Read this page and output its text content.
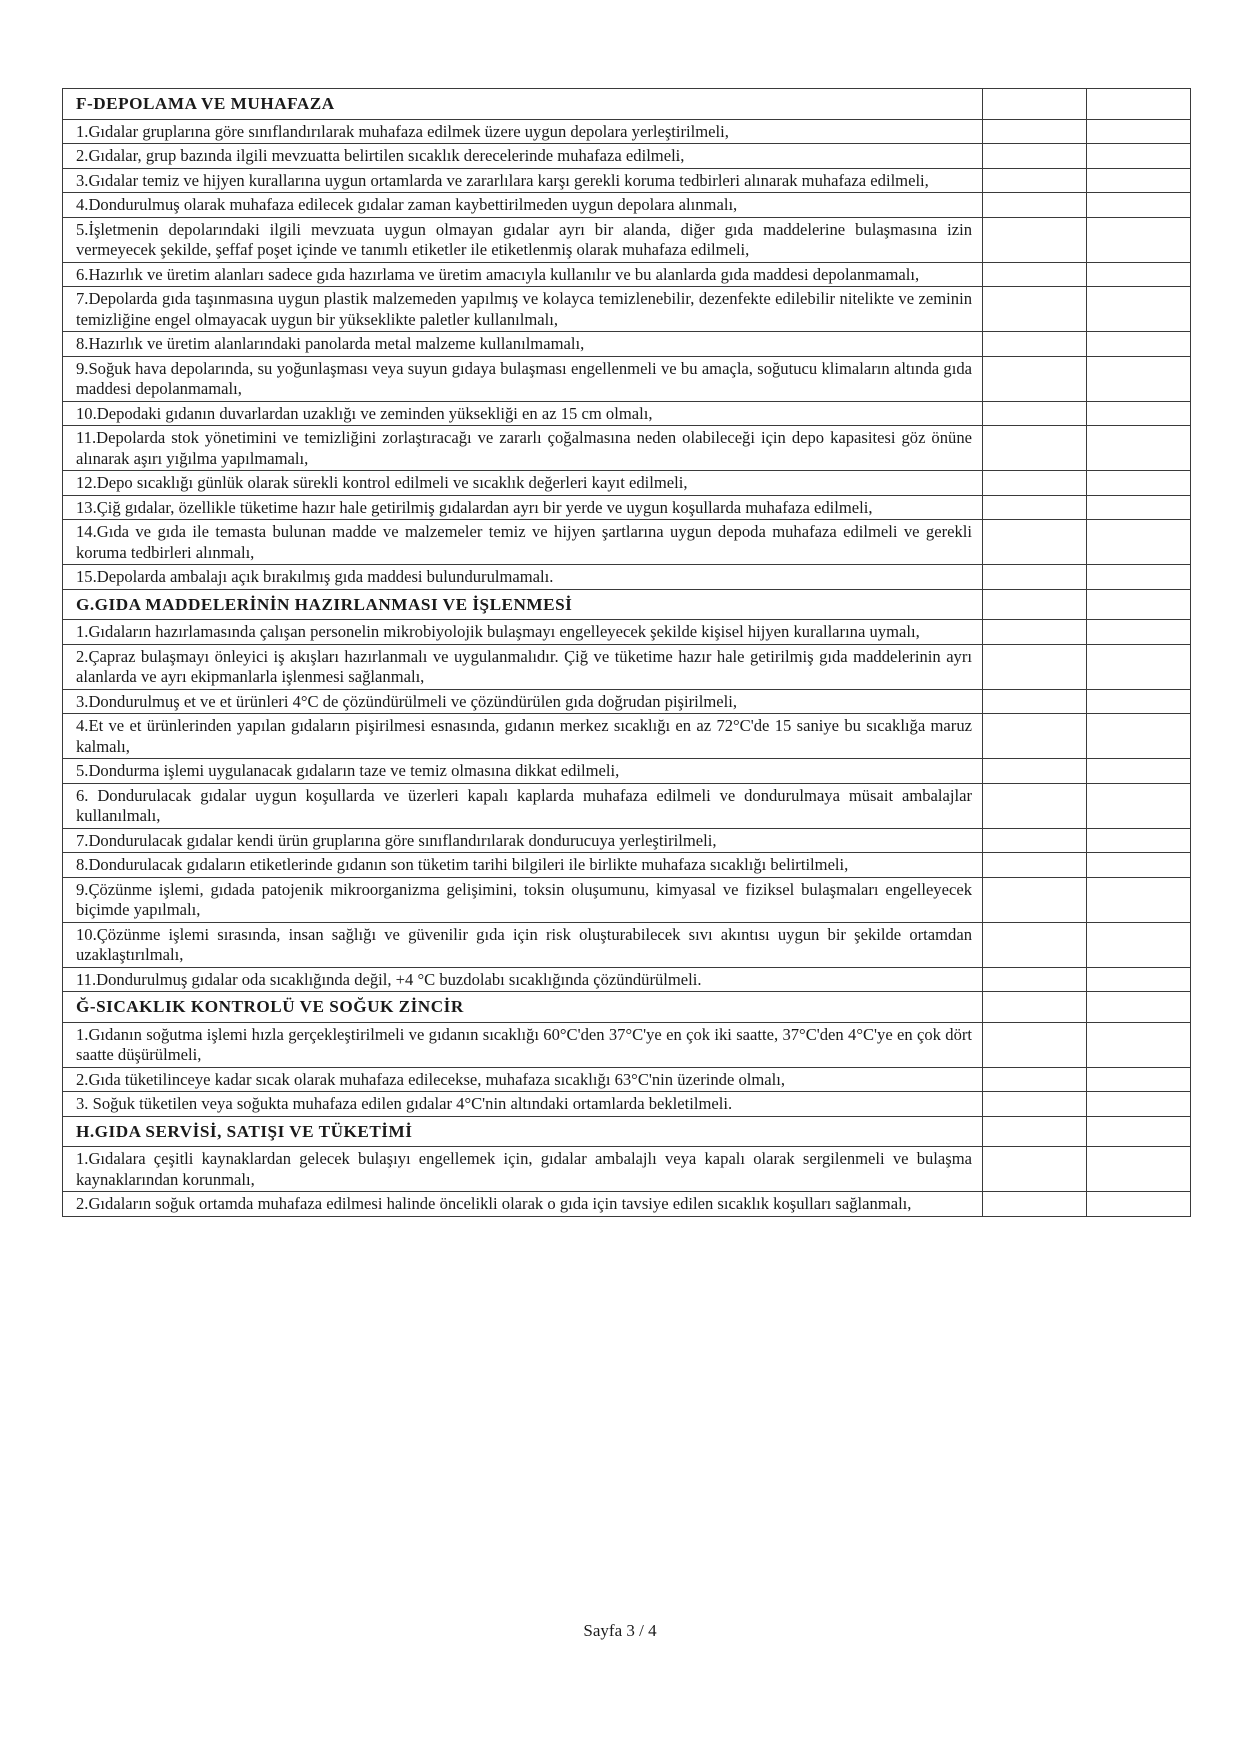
F-DEPOLAMA VE MUHAFAZA		
1.Gıdalar gruplarına göre sınıflandırılarak muhafaza edilmek üzere uygun depolara yerleştirilmeli,		
2.Gıdalar, grup bazında ilgili mevzuatta belirtilen sıcaklık derecelerinde muhafaza edilmeli,		
3.Gıdalar temiz ve hijyen kurallarına uygun ortamlarda ve zararlılara karşı gerekli koruma tedbirleri alınarak muhafaza edilmeli,		
4.Dondurulmuş olarak muhafaza edilecek gıdalar zaman kaybettirilmeden uygun depolara alınmalı,		
5.İşletmenin depolarındaki ilgili mevzuata uygun olmayan gıdalar ayrı bir alanda, diğer gıda maddelerine bulaşmasına izin vermeyecek şekilde, şeffaf poşet içinde ve tanımlı etiketler ile etiketlenmiş olarak muhafaza edilmeli,		
6.Hazırlık ve üretim alanları sadece gıda hazırlama ve üretim amacıyla kullanılır ve bu alanlarda gıda maddesi depolanmamalı,		
7.Depolarda gıda taşınmasına uygun plastik malzemeden yapılmış ve kolayca temizlenebilir, dezenfekte edilebilir nitelikte ve zeminin temizliğine engel olmayacak uygun bir yükseklikte paletler kullanılmalı,		
8.Hazırlık ve üretim alanlarındaki panolarda metal malzeme kullanılmamalı,		
9.Soğuk hava depolarında, su yoğunlaşması veya suyun gıdaya bulaşması engellenmeli ve bu amaçla, soğutucu klimaların altında gıda maddesi depolanmamalı,		
10.Depodaki gıdanın duvarlardan uzaklığı ve zeminden yüksekliği en az 15 cm olmalı,		
11.Depolarda stok yönetimini ve temizliğini zorlaştıracağı ve zararlı çoğalmasına neden olabileceği için depo kapasitesi göz önüne alınarak aşırı yığılma yapılmamalı,		
12.Depo sıcaklığı günlük olarak sürekli kontrol edilmeli ve sıcaklık değerleri kayıt edilmeli,		
13.Çiğ gıdalar, özellikle tüketime hazır hale getirilmiş gıdalardan ayrı bir yerde ve uygun koşullarda muhafaza edilmeli,		
14.Gıda ve gıda ile temasta bulunan madde ve malzemeler temiz ve hijyen şartlarına uygun depoda muhafaza edilmeli ve gerekli koruma tedbirleri alınmalı,		
15.Depolarda ambalajı açık bırakılmış gıda maddesi bulundurulmamalı.		
G.GIDA MADDELERİNİN HAZIRLANMASI VE İŞLENMESİ		
1.Gıdaların hazırlamasında çalışan personelin mikrobiyolojik bulaşmayı engelleyecek şekilde kişisel hijyen kurallarına uymalı,		
2.Çapraz bulaşmayı önleyici iş akışları hazırlanmalı ve uygulanmalıdır. Çiğ ve tüketime hazır hale getirilmiş gıda maddelerinin ayrı alanlarda ve ayrı ekipmanlarla işlenmesi sağlanmalı,		
3.Dondurulmuş et ve et ürünleri 4°C de çözündürülmeli ve çözündürülen gıda doğrudan pişirilmeli,		
4.Et ve et ürünlerinden yapılan gıdaların pişirilmesi esnasında, gıdanın merkez sıcaklığı en az 72°C'de 15 saniye bu sıcaklığa maruz kalmalı,		
5.Dondurma işlemi uygulanacak gıdaların taze ve temiz olmasına dikkat edilmeli,		
6. Dondurulacak gıdalar uygun koşullarda ve üzerleri kapalı kaplarda muhafaza edilmeli ve dondurulmaya müsait ambalajlar kullanılmalı,		
7.Dondurulacak gıdalar kendi ürün gruplarına göre sınıflandırılarak dondurucuya yerleştirilmeli,		
8.Dondurulacak gıdaların etiketlerinde gıdanın son tüketim tarihi bilgileri ile birlikte muhafaza sıcaklığı belirtilmeli,		
9.Çözünme işlemi, gıdada patojenik mikroorganizma gelişimini, toksin oluşumunu, kimyasal ve fiziksel bulaşmaları engelleyecek biçimde yapılmalı,		
10.Çözünme işlemi sırasında, insan sağlığı ve güvenilir gıda için risk oluşturabilecek sıvı akıntısı uygun bir şekilde ortamdan uzaklaştırılmalı,		
11.Dondurulmuş gıdalar oda sıcaklığında değil, +4 °C buzdolabı sıcaklığında çözündürülmeli.		
Ğ-SICAKLIK KONTROLÜ VE SOĞUK ZİNCİR		
1.Gıdanın soğutma işlemi hızla gerçekleştirilmeli ve gıdanın sıcaklığı 60°C'den 37°C'ye en çok iki saatte, 37°C'den 4°C'ye en çok dört saatte düşürülmeli,		
2.Gıda tüketilinceye kadar sıcak olarak muhafaza edilecekse, muhafaza sıcaklığı 63°C'nin üzerinde olmalı,		
3. Soğuk tüketilen veya soğukta muhafaza edilen gıdalar 4°C'nin altındaki ortamlarda bekletilmeli.		
H.GIDA SERVİSİ, SATIŞI VE TÜKETİMİ		
1.Gıdalara çeşitli kaynaklardan gelecek bulaşıyı engellemek için, gıdalar ambalajlı veya kapalı olarak sergilenmeli ve bulaşma kaynaklarından korunmalı,		
2.Gıdaların soğuk ortamda muhafaza edilmesi halinde öncelikli olarak o gıda için tavsiye edilen sıcaklık koşulları sağlanmalı,		
Sayfa 3 / 4
